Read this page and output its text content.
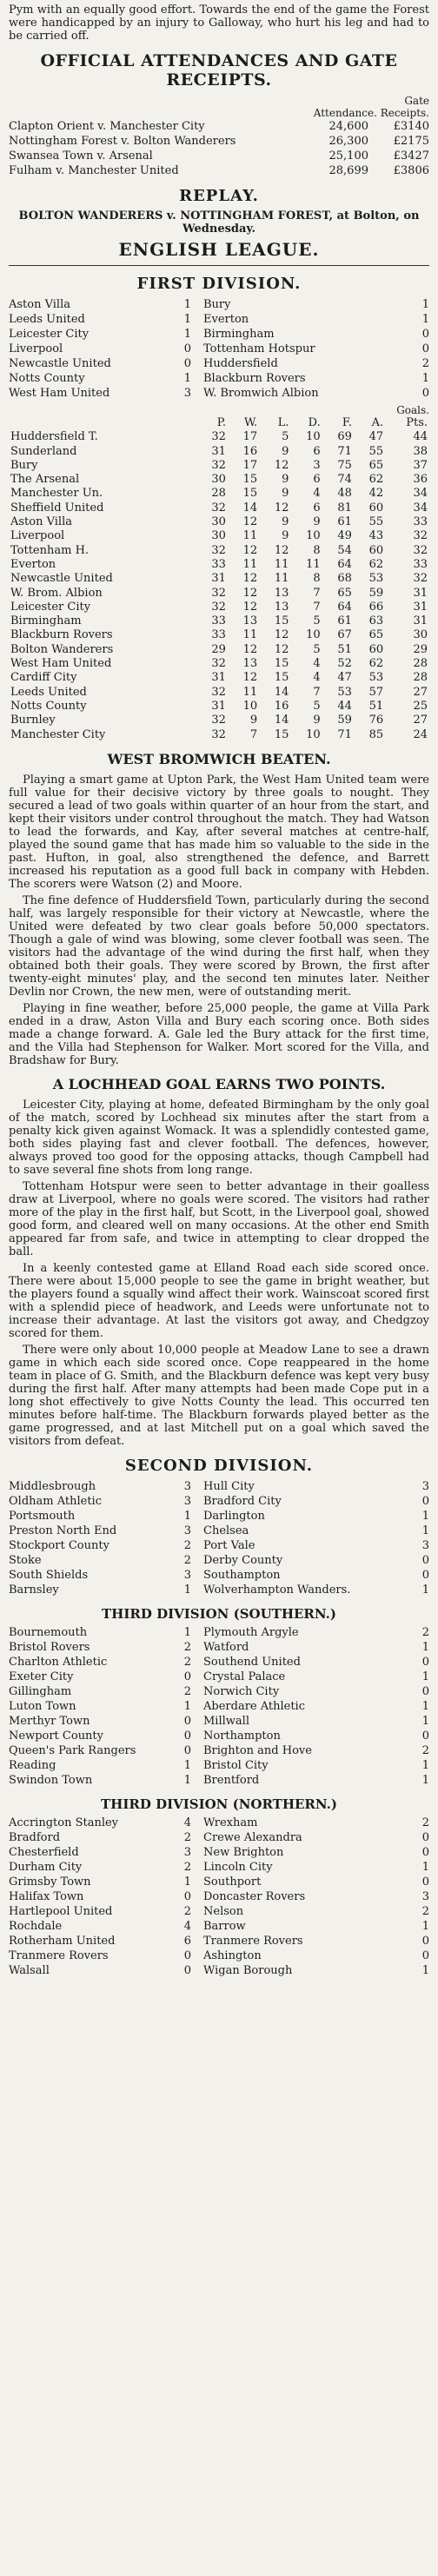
Pym with an equally good effort. Towards the end of the game the Forest were handicapped by an injury to Galloway, who hurt his leg and had to be carried off.

OFFICIAL ATTENDANCES AND GATE RECEIPTS.
Gate
Attendance. Receipts.
Clapton Orient v. Manchester City	24,600	£3140
Nottingham Forest v. Bolton Wanderers	26,300	£2175
Swansea Town v. Arsenal	25,100	£3427
Fulham v. Manchester United	28,699	£3806
REPLAY.

BOLTON WANDERERS v. NOTTINGHAM FOREST, at Bolton, on Wednesday.

ENGLISH LEAGUE.
FIRST DIVISION.
Aston Villa	1	Bury	1
Leeds United	1	Everton	1
Leicester City	1	Birmingham	0
Liverpool	0	Tottenham Hotspur	0
Newcastle United	0	Huddersfield	2
Notts County	1	Blackburn Rovers	1
West Ham United	3	W. Bromwich Albion	0
Goals.
	P.	W.	L.	D.	F.	A.	Pts.
Huddersfield T.	32	17	5	10	69	47	44
Sunderland	31	16	9	6	71	55	38
Bury	32	17	12	3	75	65	37
The Arsenal	30	15	9	6	74	62	36
Manchester Un.	28	15	9	4	48	42	34
Sheffield United	32	14	12	6	81	60	34
Aston Villa	30	12	9	9	61	55	33
Liverpool	30	11	9	10	49	43	32
Tottenham H.	32	12	12	8	54	60	32
Everton	33	11	11	11	64	62	33
Newcastle United	31	12	11	8	68	53	32
W. Brom. Albion	32	12	13	7	65	59	31
Leicester City	32	12	13	7	64	66	31
Birmingham	33	13	15	5	61	63	31
Blackburn Rovers	33	11	12	10	67	65	30
Bolton Wanderers	29	12	12	5	51	60	29
West Ham United	32	13	15	4	52	62	28
Cardiff City	31	12	15	4	47	53	28
Leeds United	32	11	14	7	53	57	27
Notts County	31	10	16	5	44	51	25
Burnley	32	9	14	9	59	76	27
Manchester City	32	7	15	10	71	85	24
WEST BROMWICH BEATEN.

Playing a smart game at Upton Park, the West Ham United team were full value for their decisive victory by three goals to nought. They secured a lead of two goals within quarter of an hour from the start, and kept their visitors under control throughout the match. They had Watson to lead the forwards, and Kay, after several matches at centre-half, played the sound game that has made him so valuable to the side in the past. Hufton, in goal, also strengthened the defence, and Barrett increased his reputation as a good full back in company with Hebden. The scorers were Watson (2) and Moore.

The fine defence of Huddersfield Town, particularly during the second half, was largely responsible for their victory at Newcastle, where the United were defeated by two clear goals before 50,000 spectators. Though a gale of wind was blowing, some clever football was seen. The visitors had the advantage of the wind during the first half, when they obtained both their goals. They were scored by Brown, the first after twenty-eight minutes' play, and the second ten minutes later. Neither Devlin nor Crown, the new men, were of outstanding merit.

Playing in fine weather, before 25,000 people, the game at Villa Park ended in a draw, Aston Villa and Bury each scoring once. Both sides made a change forward. A. Gale led the Bury attack for the first time, and the Villa had Stephenson for Walker. Mort scored for the Villa, and Bradshaw for Bury.

A LOCHHEAD GOAL EARNS TWO POINTS.

Leicester City, playing at home, defeated Birmingham by the only goal of the match, scored by Lochhead six minutes after the start from a penalty kick given against Womack. It was a splendidly contested game, both sides playing fast and clever football. The defences, however, always proved too good for the opposing attacks, though Campbell had to save several fine shots from long range.

Tottenham Hotspur were seen to better advantage in their goalless draw at Liverpool, where no goals were scored. The visitors had rather more of the play in the first half, but Scott, in the Liverpool goal, showed good form, and cleared well on many occasions. At the other end Smith appeared far from safe, and twice in attempting to clear dropped the ball.

In a keenly contested game at Elland Road each side scored once. There were about 15,000 people to see the game in bright weather, but the players found a squally wind affect their work. Wainscoat scored first with a splendid piece of headwork, and Leeds were unfortunate not to increase their advantage. At last the visitors got away, and Chedgzoy scored for them.

There were only about 10,000 people at Meadow Lane to see a drawn game in which each side scored once. Cope reappeared in the home team in place of G. Smith, and the Blackburn defence was kept very busy during the first half. After many attempts had been made Cope put in a long shot effectively to give Notts County the lead. This occurred ten minutes before half-time. The Blackburn forwards played better as the game progressed, and at last Mitchell put on a goal which saved the visitors from defeat.

SECOND DIVISION.
Middlesbrough	3	Hull City	3
Oldham Athletic	3	Bradford City	0
Portsmouth	1	Darlington	1
Preston North End	3	Chelsea	1
Stockport County	2	Port Vale	3
Stoke	2	Derby County	0
South Shields	3	Southampton	0
Barnsley	1	Wolverhampton Wanders.	1
THIRD DIVISION (SOUTHERN.)
Bournemouth	1	Plymouth Argyle	2
Bristol Rovers	2	Watford	1
Charlton Athletic	2	Southend United	0
Exeter City	0	Crystal Palace	1
Gillingham	2	Norwich City	0
Luton Town	1	Aberdare Athletic	1
Merthyr Town	0	Millwall	1
Newport County	0	Northampton	0
Queen's Park Rangers	0	Brighton and Hove	2
Reading	1	Bristol City	1
Swindon Town	1	Brentford	1
THIRD DIVISION (NORTHERN.)
Accrington Stanley	4	Wrexham	2
Bradford	2	Crewe Alexandra	0
Chesterfield	3	New Brighton	0
Durham City	2	Lincoln City	1
Grimsby Town	1	Southport	0
Halifax Town	0	Doncaster Rovers	3
Hartlepool United	2	Nelson	2
Rochdale	4	Barrow	1
Rotherham United	6	Tranmere Rovers	0
Tranmere Rovers	0	Ashington	0
Walsall	0	Wigan Borough	1
